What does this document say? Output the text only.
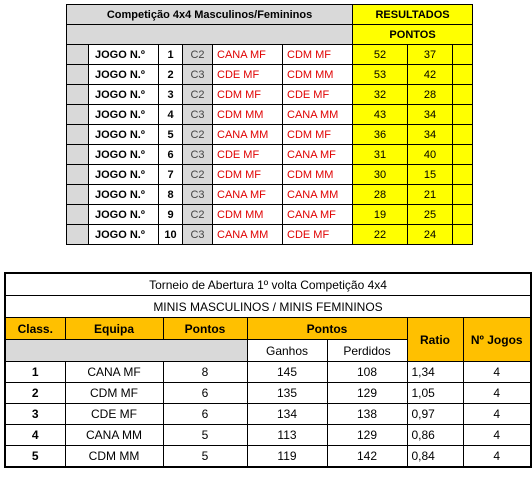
Competição 4x4 Masculinos/Femininos						RESULTADOS		
						PONTOS		
	JOGO N.º	1	C2	CANA MF	CDM MF	52	37	
	JOGO N.º	2	C3	CDE MF	CDM MM	53	42	
	JOGO N.º	3	C2	CDM MF	CDE MF	32	28	
	JOGO N.º	4	C3	CDM MM	CANA MM	43	34	
	JOGO N.º	5	C2	CANA MM	CDM MF	36	34	
	JOGO N.º	6	C3	CDE MF	CANA MF	31	40	
	JOGO N.º	7	C2	CDM MF	CDM MM	30	15	
	JOGO N.º	8	C3	CANA MF	CANA MM	28	21	
	JOGO N.º	9	C2	CDM MM	CANA MF	19	25	
	JOGO N.º	10	C3	CANA MM	CDE MF	22	24	
Torneio de Abertura 1º volta Competição 4x4						
MINIS MASCULINOS / MINIS FEMININOS						
Class.	Equipa	Pontos	Pontos		Ratio	Nº Jogos
			Ganhos	Perdidos		
1	CANA MF	8	145	108	1,34	4
2	CDM MF	6	135	129	1,05	4
3	CDE MF	6	134	138	0,97	4
4	CANA MM	5	113	129	0,86	4
5	CDM MM	5	119	142	0,84	4
